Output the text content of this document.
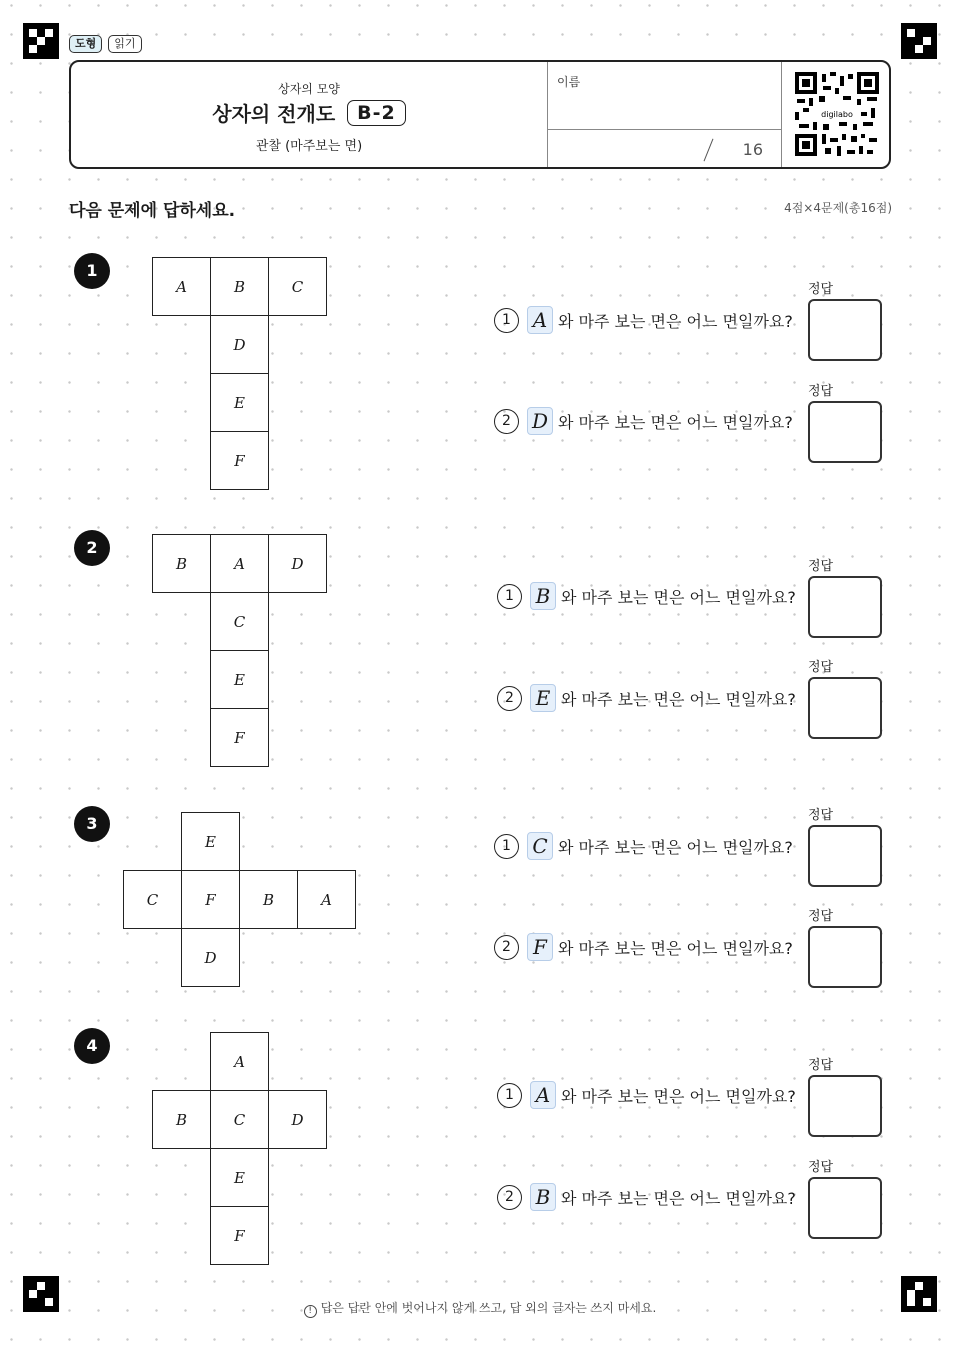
도형	읽기
상자의 모양
상자의 전개도	B-2
관찰 (마주보는 면)
이름
16
digilabo
다음 문제에 답하세요.	4점×4문제(총16점)
1
A	B	C
D
E
F
1	A 와 마주 보는 면은 어느 면일까요?
정답
2	D 와 마주 보는 면은 어느 면일까요?
정답
2
B	A	D
C
E
F
1	B 와 마주 보는 면은 어느 면일까요?
정답
2	E 와 마주 보는 면은 어느 면일까요?
정답
3
E
C	F	B	A
D
1	C 와 마주 보는 면은 어느 면일까요?
정답
2	F 와 마주 보는 면은 어느 면일까요?
정답
4
A
B	C	D
E
F
1	A 와 마주 보는 면은 어느 면일까요?
정답
2	B 와 마주 보는 면은 어느 면일까요?
정답
! 답은 답란 안에 벗어나지 않게 쓰고, 답 외의 글자는 쓰지 마세요.
